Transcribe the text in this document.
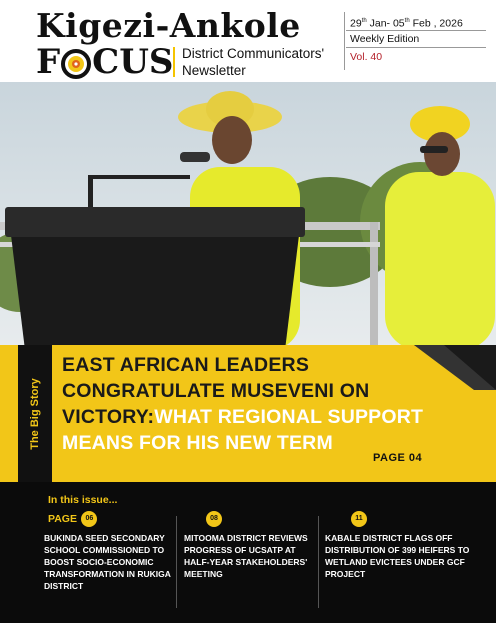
Kigezi-Ankole
F CUS District Communicators'
Newsletter
29th Jan- 05th Feb , 2026
Weekly Edition
Vol. 40
The Big Story
EAST AFRICAN LEADERS CONGRATULATE MUSEVENI ON VICTORY:WHAT REGIONAL SUPPORT MEANS FOR HIS NEW TERM
PAGE 04
In this issue...
PAGE 06
BUKINDA SEED SECONDARY SCHOOL COMMISSIONED TO BOOST SOCIO-ECONOMIC TRANSFORMATION IN RUKIGA DISTRICT
08
MITOOMA DISTRICT REVIEWS PROGRESS OF UCSATP AT HALF-YEAR STAKEHOLDERS' MEETING
11
KABALE DISTRICT FLAGS OFF DISTRIBUTION OF 399 HEIFERS TO WETLAND EVICTEES UNDER GCF PROJECT
